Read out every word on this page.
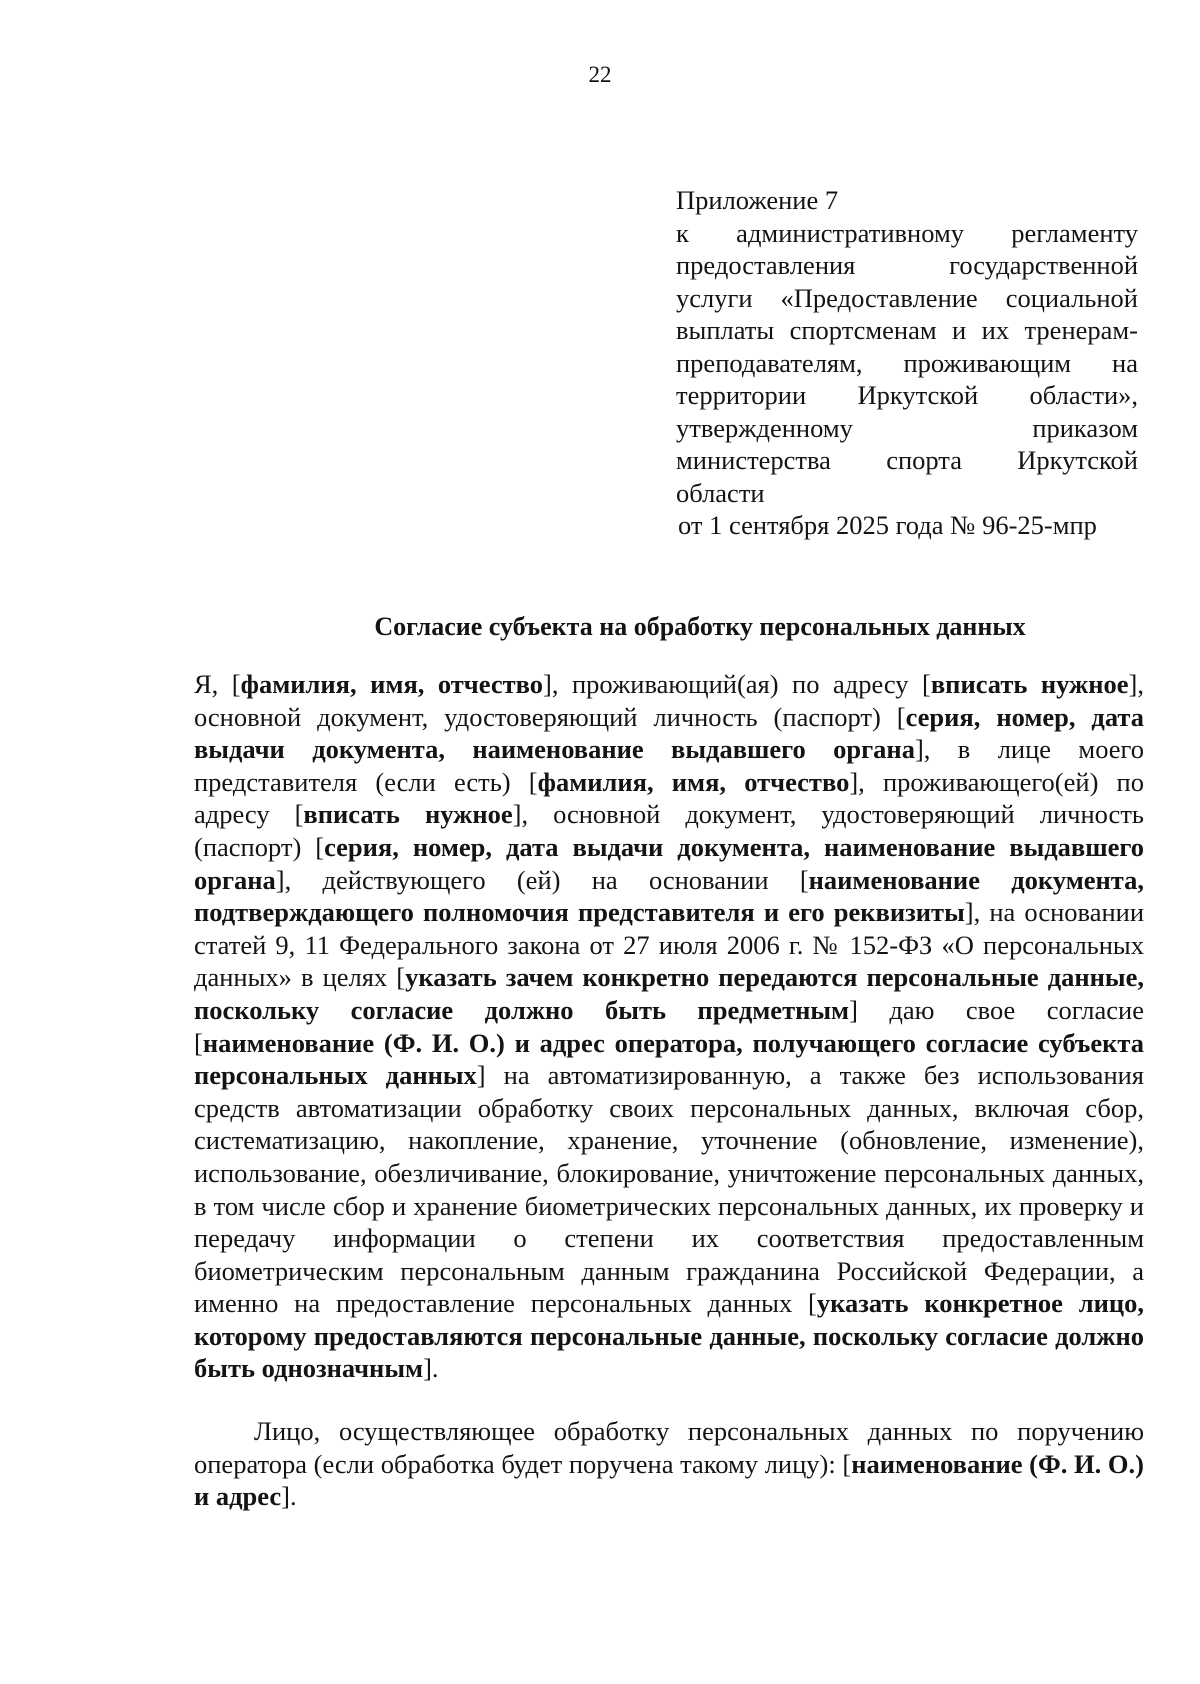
22
Приложение 7
к административному регламенту
предоставления государственной
услуги «Предоставление социальной
выплаты спортсменам и их тренерам-
преподавателям, проживающим на
территории Иркутской области»,
утвержденному приказом
министерства спорта Иркутской
области
от 1 сентября 2025 года № 96-25-мпр
Согласие субъекта на обработку персональных данных

Я, [фамилия, имя, отчество], проживающий(ая) по адресу [вписать нужное], основной документ, удостоверяющий личность (паспорт) [серия, номер, дата выдачи документа, наименование выдавшего органа], в лице моего представителя (если есть) [фамилия, имя, отчество], проживающего(ей) по адресу [вписать нужное], основной документ, удостоверяющий личность (паспорт) [серия, номер, дата выдачи документа, наименование выдавшего органа], действующего (ей) на основании [наименование документа, подтверждающего полномочия представителя и его реквизиты], на основании статей 9, 11 Федерального закона от 27 июля 2006 г. № 152-ФЗ «О персональных данных» в целях [указать зачем конкретно передаются персональные данные, поскольку согласие должно быть предметным] даю свое согласие [наименование (Ф. И. О.) и адрес оператора, получающего согласие субъекта персональных данных] на автоматизированную, а также без использования средств автоматизации обработку своих персональных данных, включая сбор, систематизацию, накопление, хранение, уточнение (обновление, изменение), использование, обезличивание, блокирование, уничтожение персональных данных, в том числе сбор и хранение биометрических персональных данных, их проверку и передачу информации о степени их соответствия предоставленным биометрическим персональным данным гражданина Российской Федерации, а именно на предоставление персональных данных [указать конкретное лицо, которому предоставляются персональные данные, поскольку согласие должно быть однозначным].

Лицо, осуществляющее обработку персональных данных по поручению оператора (если обработка будет поручена такому лицу): [наименование (Ф. И. О.) и адрес].
